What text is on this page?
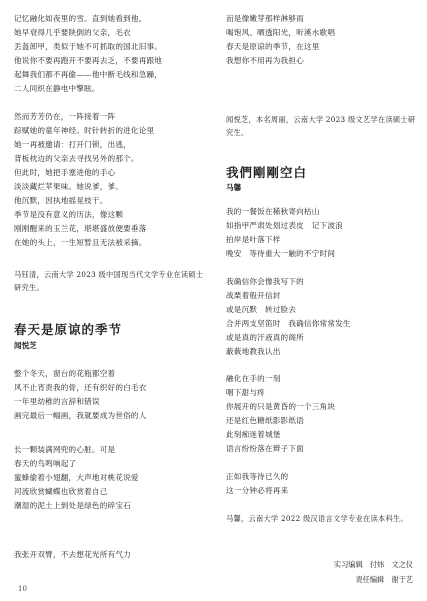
记忆融化如夜里的雪。直到她看到他，
她早衰得几乎要陕倒的父亲，毛衣
丢盔卸甲，类似于她不可抓取的国北旧事。
他说你不要再跑开不要再去乏，不要再跟地
起舞我们都不再偷——他中断毛线和急躁，
二人同织在静电中擎眩。
然而芳芳仍在，一阵接着一阵
踪赋她的童年神经。时针转折的进化论里
她一再被邀请：打开门锁，出逃，
背板枕边的父亲去寻找另外的那个。
但此时，她把手塞进他的手心
淡淡藏烂苹果味。她说爹，爹。
他沉默，因执地摇晃枝干。
季节是没有意义的历法，像这颗
刚刚醒来的玉兰花，堪堪盛放便要垂落
在她的头上，一生短暂且无法被采摘。
马钰清，云南大学 2023 级中国现当代文学专业在读硕士研究生。
春天是原谅的季节
闻悦芝
整个冬天，窗台的花瓶都空着
风不止宵责我的骨，还有织好的白毛衣
一年里幼稚的言辞和错误
画完最后一幅画，我就要成为世俗的人
长一颗装满网兜的心脏。可是
春天的鸟鸣响起了
蜜蜂偷着小翅翻，大声地对桃花说爱
河流欣赏蝴蝶也欣赏着自己
潮湿的泥土上到处是绿色的碎宝石
我张开双臂，不去想花光所有气力
10
而是像嫩芽那样淋够雨
喝饱风、晒透阳光，听溪水歌唱
春天是原谅的季节，在这里
我想你不用再为我担心
闻悦芝，本名周丽，云南大学 2023 级文艺学在读硕士研究生。
我們剛剛空白
马馨
我的一餐饭在稀秋寄向枯山
如指甲严肃处划过表皮　记下波浪
拍岸是叶落下样
晚安　等待重大一触的不宁时间
我确信你会像我写下的
战栗着般开信封
或是沉默　转过脸去
合并两支坚笛时　我确信你常常发生
或是真的汗液真的阁所
蔽薮地教我认出
融化在手的一刻
咽下甜与疼
你展开的只是黄昏的一个三角块
还是红色糖纸影影纸语
此刻痴迷着城堡
语言纷纷落在辫子下面
正如我等待已久的
这一分钟必将再来
马馨，云南大学 2022 级汉语言文学专业在读本科生。
实习编辑　付炜　文之仪
责任编辑　谢于艺
